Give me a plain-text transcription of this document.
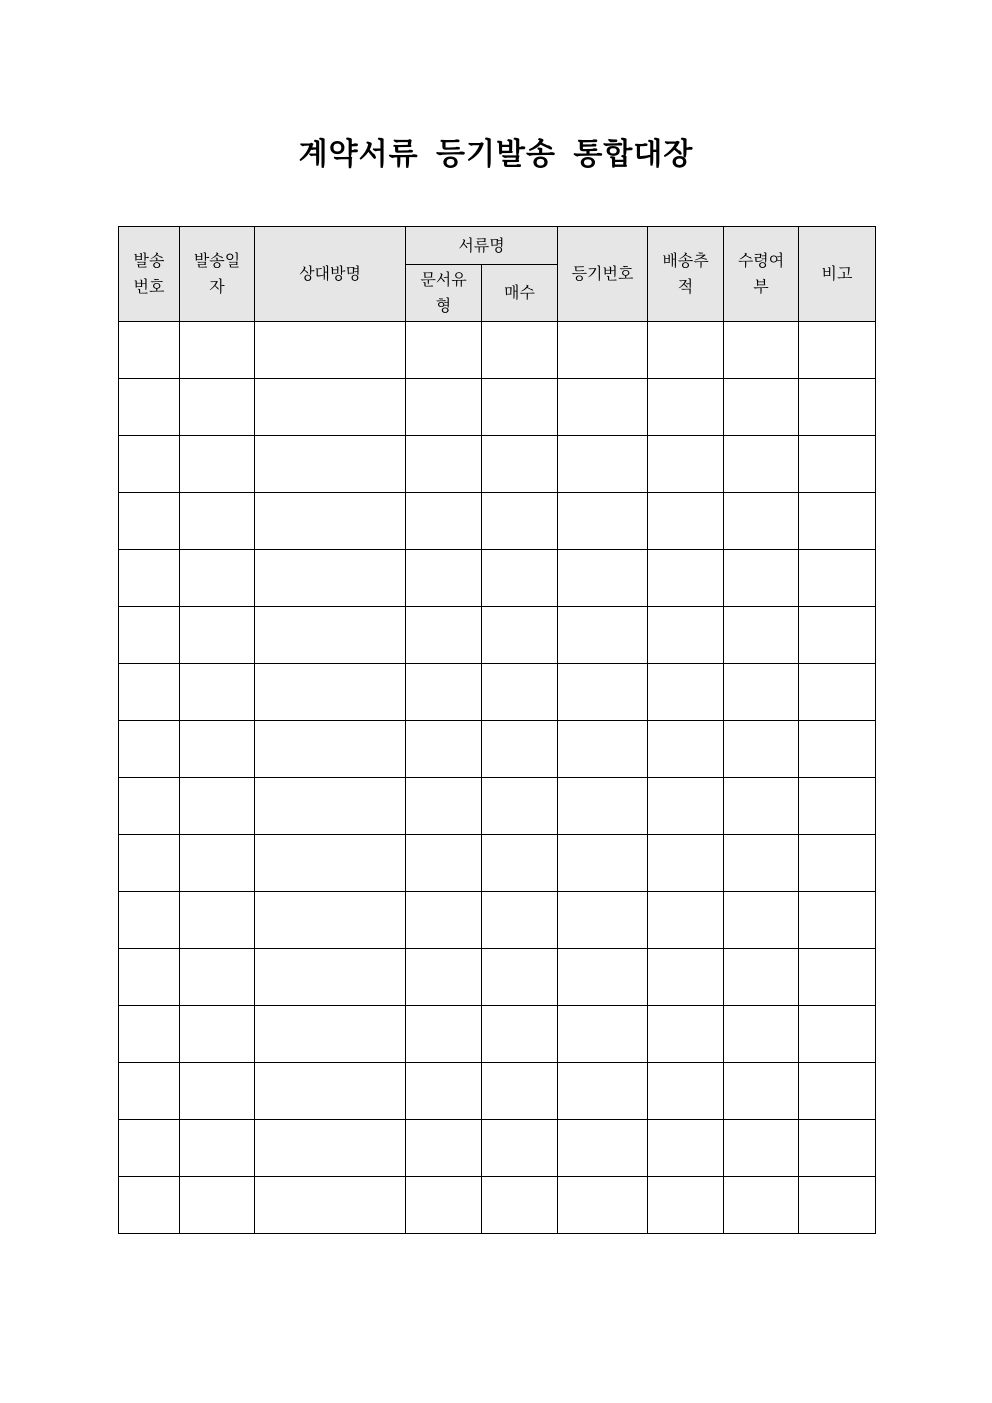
계약서류 등기발송 통합대장
발송번호	발송일자	상대방명	서류명		등기번호	배송추적	수령여부	비고
			문서유형	매수				
